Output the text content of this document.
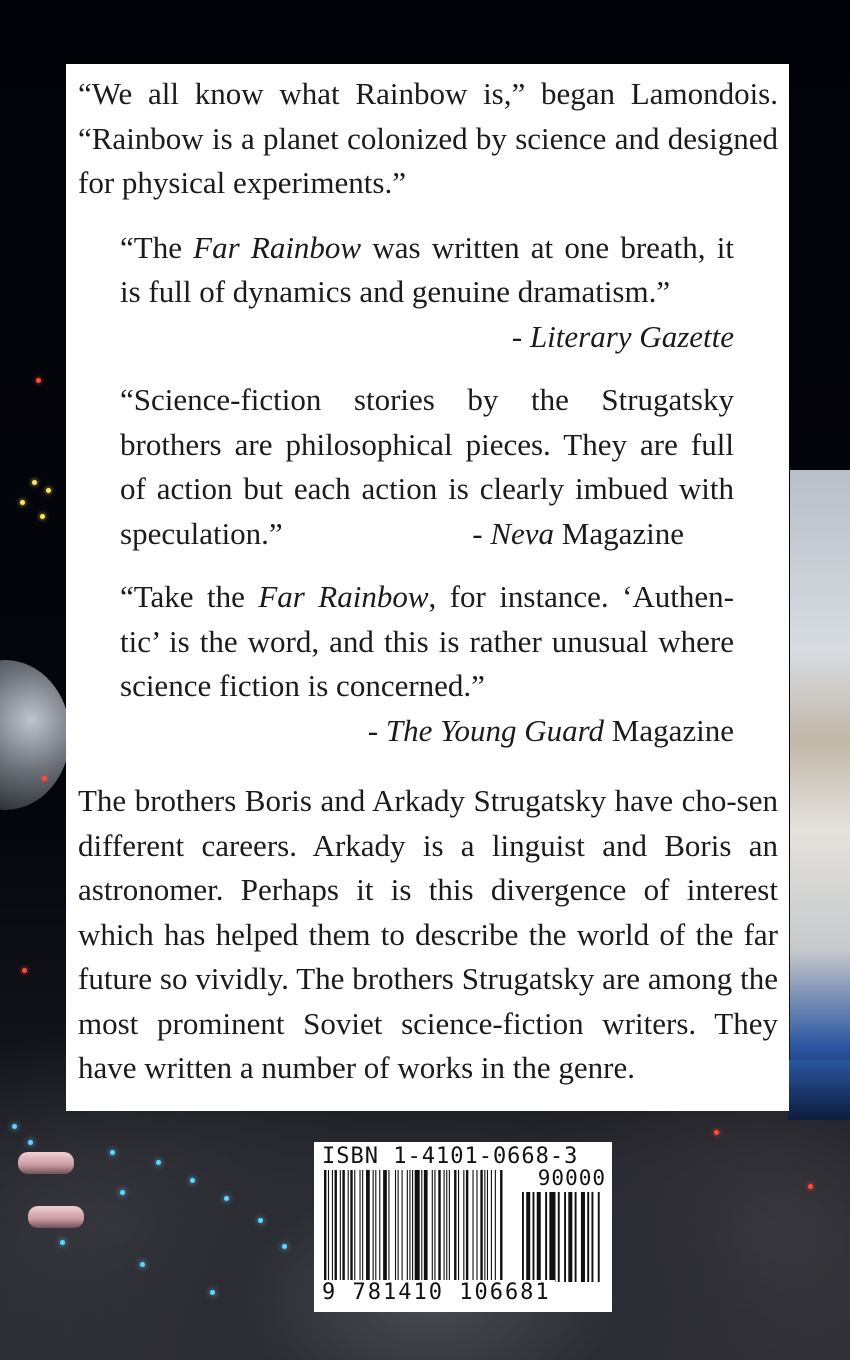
“We all know what Rainbow is,” began Lamondois. “Rainbow is a planet colonized by science and designed for physical experiments.”

“The Far Rainbow was written at one breath, it is full of dynamics and genuine dramatism.”

- Literary Gazette

“Science-fiction stories by the Strugatsky brothers are philosophical pieces. They are full of action but each action is clearly imbued with speculation.”	- Neva Magazine

“Take the Far Rainbow, for instance. ‘Authen-tic’ is the word, and this is rather unusual where science fiction is concerned.”

- The Young Guard Magazine

The brothers Boris and Arkady Strugatsky have cho-sen different careers. Arkady is a linguist and Boris an astronomer. Perhaps it is this divergence of interest which has helped them to describe the world of the far future so vividly. The brothers Strugatsky are among the most prominent Soviet science-fiction writers. They have written a number of works in the genre.

ISBN 1-4101-0668-3
90000
9 781410 106681
